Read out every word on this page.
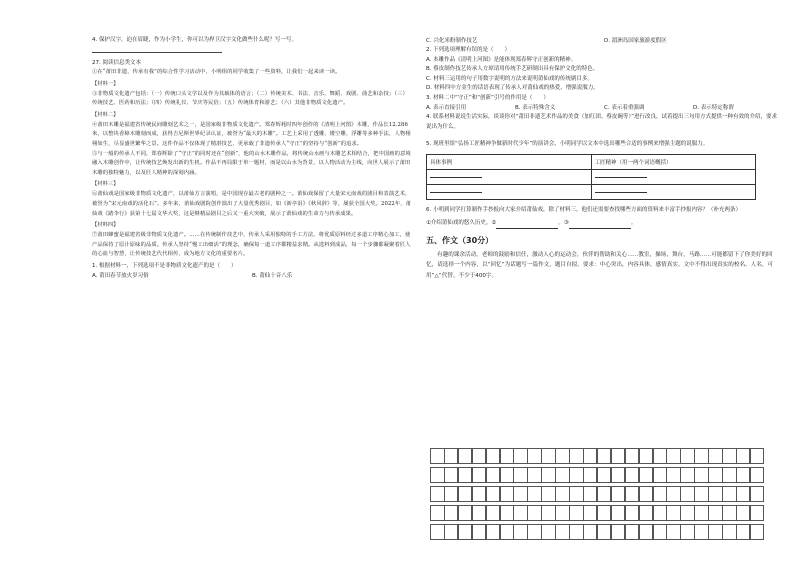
4. 保护汉字，迫在眉睫，作为小学生，你可以为捍卫汉字文化做些什么呢？写一写。

27. 阅读信息类文本

①在“莆田非遗，传承有我”的综合性学习活动中，小明组的同学收集了一些资料，让我们一起来读一读。

【材料一】

③非物质文化遗产包括：（一）传统口头文学以及作为其载体的语言；（二）传统美术、书法、音乐、舞蹈、戏剧、曲艺和杂技；（三）传统技艺、医药和历法；（四）传统礼仪、节庆等民俗；（五）传统体育和游艺；（六）其他非物质文化遗产。

【材料二】

④莆田木雕是福建省传统民间雕刻艺术之一，是国家级非物质文化遗产。郑春辉耗时四年创作的《清明上河图》木雕，作品长12.286米，以整块香樟木雕刻而成，获得吉尼斯世界纪录认证，被誉为“最大的木雕”。工艺上采用了透雕、镂空雕、浮雕等多种手法，人物栩栩如生，尽显盛世繁华之景。这件作品不仅体现了精湛技艺，更承载了非遗传承人“守正”的坚持与“创新”的追求。

⑤与一般的传承人不同，郑春辉除了“守正”的同时还在“创新”，他的山水木雕作品，将传统山水画与木雕艺术相结合，把中国画的意境融入木雕创作中，让传统技艺焕发出新的生机。作品不再局限于单一题材，而是以山水为背景，以人物活动为主线，向世人展示了莆田木雕的独特魅力，以及匠人精神的深刻内涵。

【材料三】

⑥莆仙戏是国家级非物质文化遗产，以莆仙方言演唱，是中国现存最古老的剧种之一。莆仙戏保留了大量宋元南戏的剧目和表演艺术，被誉为“宋元南戏的活化石”。多年来，莆仙戏剧院创作演出了大量优秀剧目，如《新亭泪》《秋风辞》等，屡获全国大奖。2022年，莆仙戏《踏伞行》获第十七届文华大奖，这是继精品剧目之后又一重大突破，展示了莆仙戏的生命力与传承成果。

【材料四】

⑦莆田蜂蜜是福建省级非物质文化遗产。……在传统制作技艺中，传承人采用独特的手工方法，将优质原料经过多道工序精心加工，使产品保持了原汁原味的品质。传承人坚持“慢工出细活”的理念，确保每一道工序都精益求精。从选料到成品，每一个步骤都凝聚着匠人的心血与智慧，让传统技艺代代相传，成为地方文化的重要名片。

1. 根据材料一，下列选项不是非物质文化遗产的是（　　）

A. 莆田春节放火岁习俗	B. 莆仙十音八乐
C. 兴化米粉制作技艺	D. 湄洲岛国家旅游度假区

2. 下列选项理解有误的是（　　）

A. 本雕作品《清明上河图》是能体现郑春辉守正创新的精神。

B. 蔡皮制作技艺传承人方琼请用传统手艺研制出具有保护文化的特色。

C. 材料三运用的句子用数字说明的方法来说明莆仙戏的传统剧目多。

D. 材料四中方金生的话语表现了传承人对莆仙戏的热爱，增强说服力。

3. 材料二中“守正”和“创新”引号的作用是（　　）

A. 表示直接引用	B. 表示特殊含义	C. 表示着重强调	D. 表示特定称谓

4. 联系材料说说生活实际，谈谈你对“莆田非遗艺术作品的美食（加红团、蔡皮碗等）”进行改良，试着提出三句用方式提供一种有效的介绍，要求说出为什么。

5. 现班里组“弘扬工匠精神争做新时代少年”的演讲会，小明同学以文本中选出哪些合适的事例来增强主题的说服力。

具体事例	工匠精神（用一两个词语概括）

6. 小明到同学打算制作手抄报向大家介绍莆仙戏，除了材料三，他们还需要查找哪些方面的资料来丰富手抄报内容？（补充两条）

①介绍莆仙戏的悠久历史。②	。③	。

五、作文（30分）

有趣的课余活动，老师的鼓励和信任，激动人心的运动会，伙伴的帮助和关心……教室，操场，舞台，马路……可能都留下了你美好的回忆，请选择一个内容，以“回忆”为话题写一篇作文，题目自拟。要求：中心突出，内容具体，感情真实。文中不得出现真实的校名、人名，可用“△”代替。不少于400字。
